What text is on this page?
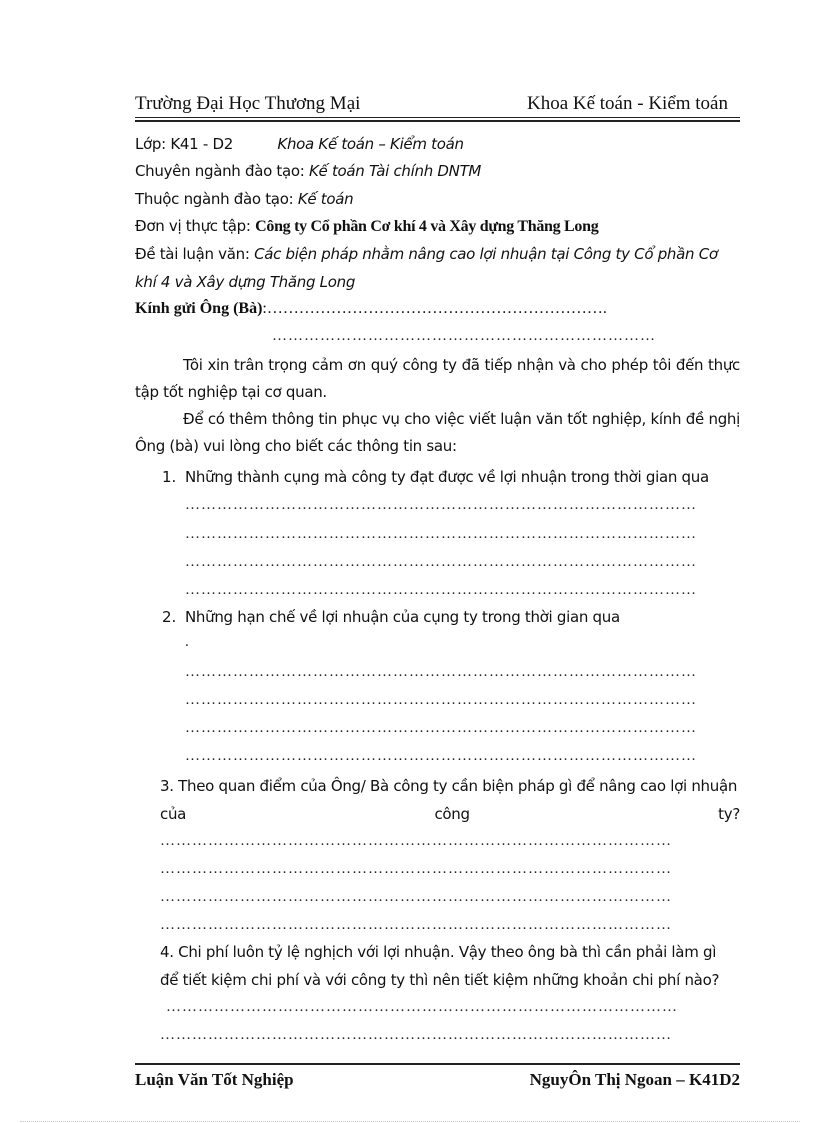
Trường Đại Học Thương Mại	Khoa Kế toán - Kiểm toán
Lớp: K41 - D2	Khoa Kế toán – Kiểm toán
Chuyên ngành đào tạo: Kế toán Tài chính DNTM
Thuộc ngành đào tạo: Kế toán
Đơn vị thực tập: Công ty Cổ phần Cơ khí 4 và Xây dựng Thăng Long
Đề tài luận văn: Các biện pháp nhằm nâng cao lợi nhuận tại Công ty Cổ phần Cơ
khí 4 và Xây dựng Thăng Long
Kính gửi Ông (Bà):……………………………………………………….
………………………………………………………………
Tôi xin trân trọng cảm ơn quý công ty đã tiếp nhận và cho phép tôi đến thực tập tốt nghiệp tại cơ quan.
Để có thêm thông tin phục vụ cho việc viết luận văn tốt nghiệp, kính đề nghị Ông (bà) vui lòng cho biết các thông tin sau:
1. Những thành cụng mà công ty đạt được về lợi nhuận trong thời gian qua
……………………………………………………………………………………
……………………………………………………………………………………
……………………………………………………………………………………
……………………………………………………………………………………
2. Những hạn chế về lợi nhuận của cụng ty trong thời gian qua
.
……………………………………………………………………………………
……………………………………………………………………………………
……………………………………………………………………………………
……………………………………………………………………………………
3. Theo quan điểm của Ông/ Bà công ty cần biện pháp gì để nâng cao lợi nhuận
của	công	ty?
……………………………………………………………………………………
……………………………………………………………………………………
……………………………………………………………………………………
……………………………………………………………………………………
4. Chi phí luôn tỷ lệ nghịch với lợi nhuận. Vậy theo ông bà thì cần phải làm gì
để tiết kiệm chi phí và với công ty thì nên tiết kiệm những khoản chi phí nào?
……………………………………………………………………………………
……………………………………………………………………………………
Luận Văn Tốt Nghiệp	NguyÔn Thị Ngoan – K41D2
